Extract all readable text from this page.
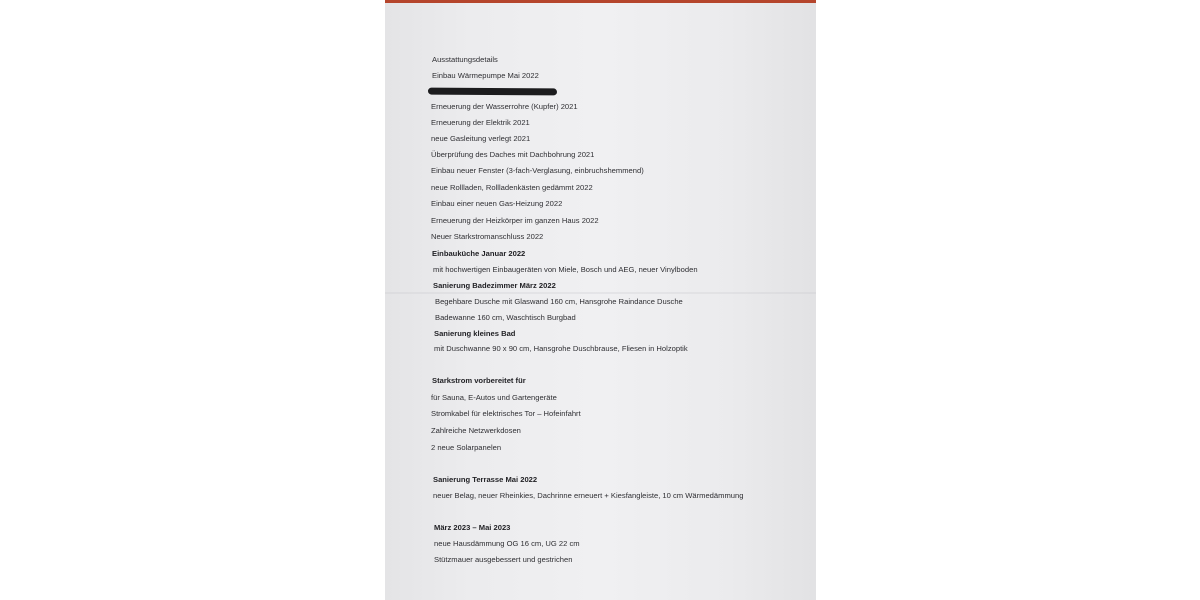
Ausstattungsdetails
Einbau Wärmepumpe Mai 2022
Erneuerung der Wasserrohre (Kupfer) 2021
Erneuerung der Elektrik 2021
neue Gasleitung verlegt 2021
Überprüfung des Daches mit Dachbohrung 2021
Einbau neuer Fenster (3-fach-Verglasung, einbruchshemmend)
neue Rollladen, Rollladenkästen gedämmt 2022
Einbau einer neuen Gas-Heizung 2022
Erneuerung der Heizkörper im ganzen Haus 2022
Neuer Starkstromanschluss 2022
Einbauküche Januar 2022
mit hochwertigen Einbaugeräten von Miele, Bosch und AEG, neuer Vinylboden
Sanierung Badezimmer März 2022
Begehbare Dusche mit Glaswand 160 cm, Hansgrohe Raindance Dusche
Badewanne 160 cm, Waschtisch Burgbad
Sanierung kleines Bad
mit Duschwanne 90 x 90 cm, Hansgrohe Duschbrause, Fliesen in Holzoptik
Starkstrom vorbereitet für
für Sauna, E-Autos und Gartengeräte
Stromkabel für elektrisches Tor – Hofeinfahrt
Zahlreiche Netzwerkdosen
2 neue Solarpanelen
Sanierung Terrasse Mai 2022
neuer Belag, neuer Rheinkies, Dachrinne erneuert + Kiesfangleiste, 10 cm Wärmedämmung
März 2023 – Mai 2023
neue Hausdämmung OG 16 cm, UG 22 cm
Stützmauer ausgebessert und gestrichen
